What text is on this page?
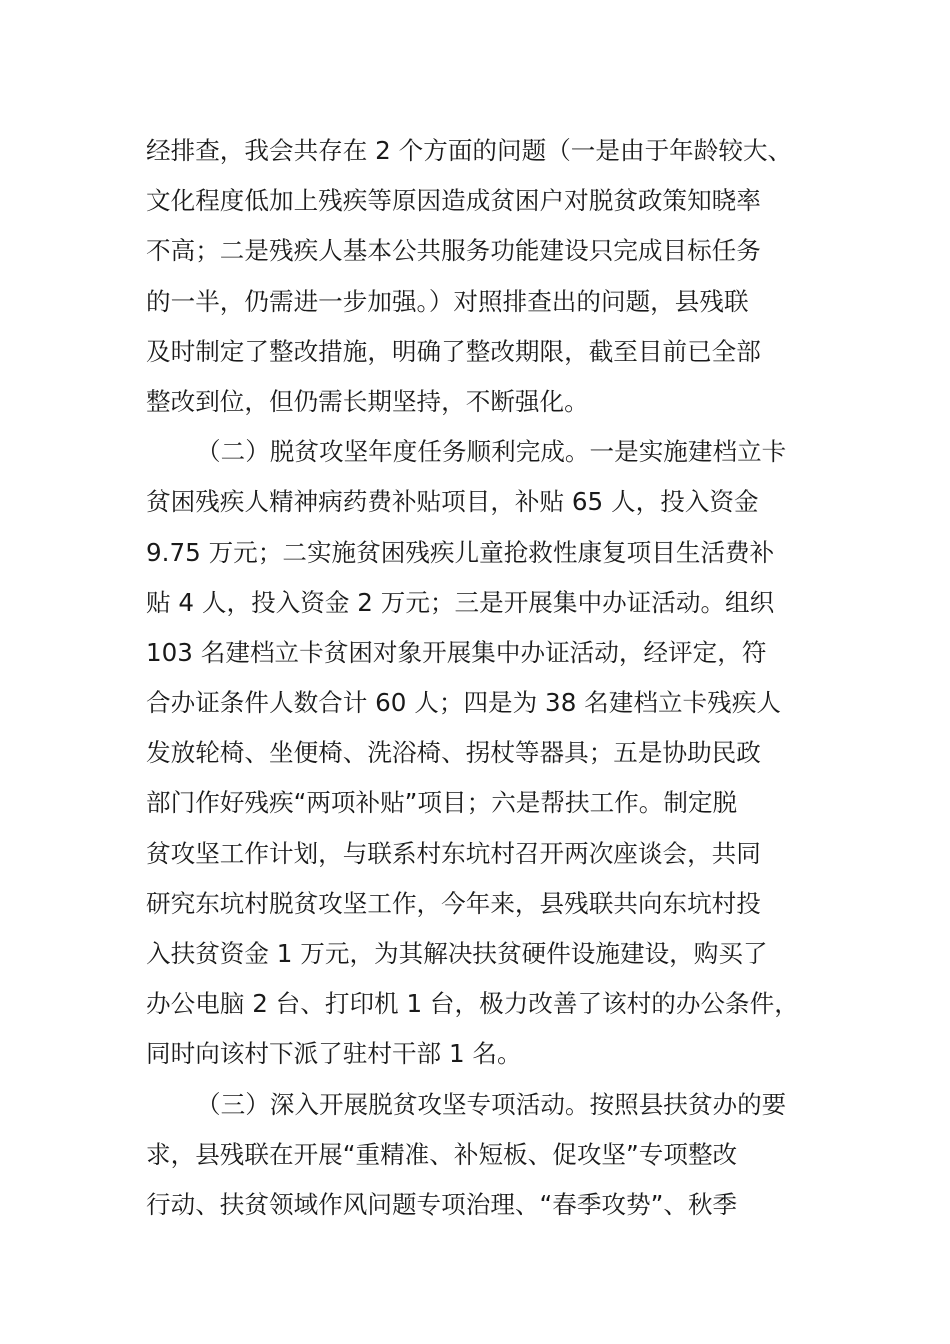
经排查，我会共存在 2 个方面的问题（一是由于年龄较大、
文化程度低加上残疾等原因造成贫困户对脱贫政策知晓率
不高；二是残疾人基本公共服务功能建设只完成目标任务
的一半，仍需进一步加强。）对照排查出的问题，县残联
及时制定了整改措施，明确了整改期限，截至目前已全部
整改到位，但仍需长期坚持，不断强化。
（二）脱贫攻坚年度任务顺利完成。一是实施建档立卡
贫困残疾人精神病药费补贴项目，补贴 65 人，投入资金
9.75 万元；二实施贫困残疾儿童抢救性康复项目生活费补
贴 4 人，投入资金 2 万元；三是开展集中办证活动。组织
103 名建档立卡贫困对象开展集中办证活动，经评定，符
合办证条件人数合计 60 人；四是为 38 名建档立卡残疾人
发放轮椅、坐便椅、洗浴椅、拐杖等器具；五是协助民政
部门作好残疾“两项补贴”项目；六是帮扶工作。制定脱
贫攻坚工作计划，与联系村东坑村召开两次座谈会，共同
研究东坑村脱贫攻坚工作，今年来，县残联共向东坑村投
入扶贫资金 1 万元，为其解决扶贫硬件设施建设，购买了
办公电脑 2 台、打印机 1 台，极力改善了该村的办公条件，
同时向该村下派了驻村干部 1 名。
（三）深入开展脱贫攻坚专项活动。按照县扶贫办的要
求，县残联在开展“重精准、补短板、促攻坚”专项整改
行动、扶贫领域作风问题专项治理、“春季攻势”、秋季
